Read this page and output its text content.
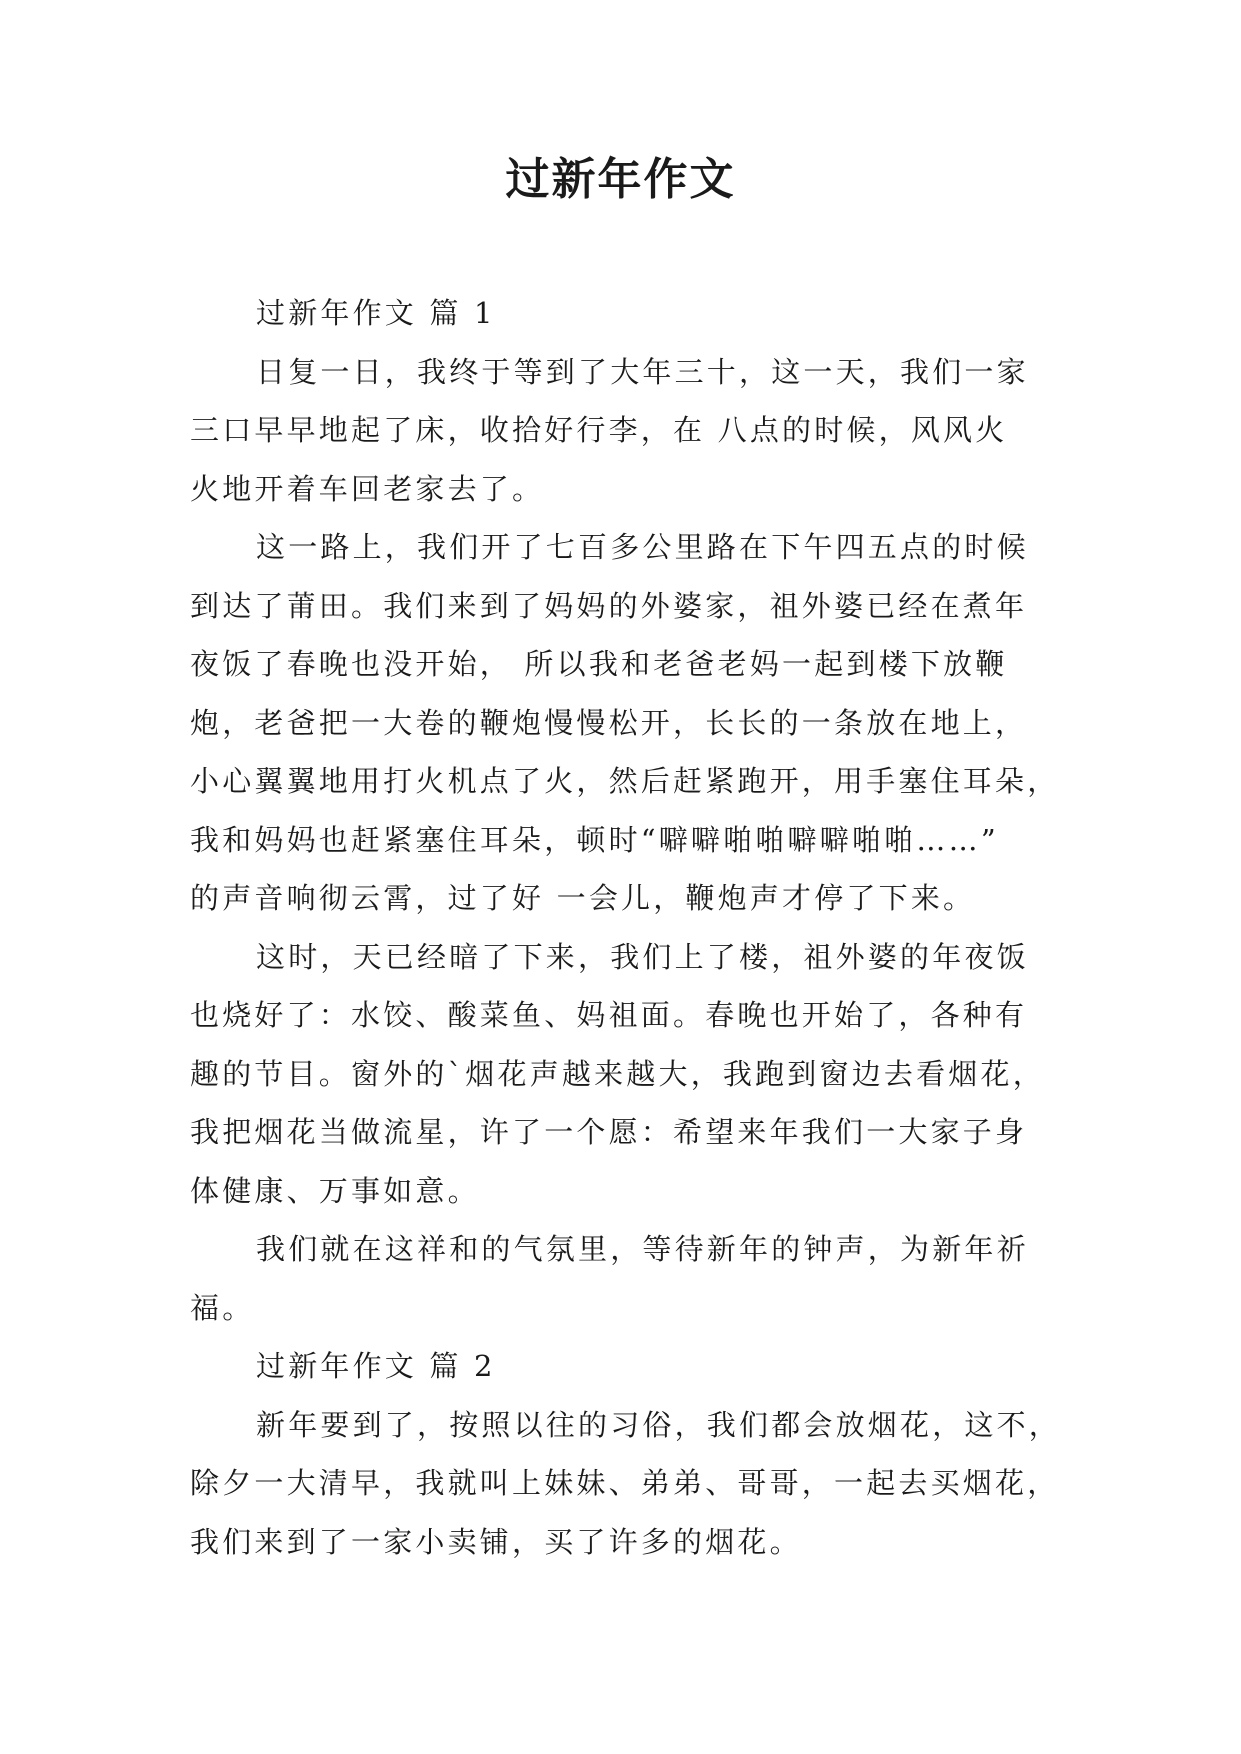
过新年作文
过新年作文 篇 1
日复一日，我终于等到了大年三十，这一天，我们一家
三口早早地起了床，收拾好行李，在 八点的时候，风风火
火地开着车回老家去了。
这一路上，我们开了七百多公里路在下午四五点的时候
到达了莆田。我们来到了妈妈的外婆家，祖外婆已经在煮年
夜饭了春晚也没开始， 所以我和老爸老妈一起到楼下放鞭
炮，老爸把一大卷的鞭炮慢慢松开，长长的一条放在地上，
小心翼翼地用打火机点了火，然后赶紧跑开，用手塞住耳朵，
我和妈妈也赶紧塞住耳朵，顿时“噼噼啪啪噼噼啪啪……”
的声音响彻云霄，过了好 一会儿，鞭炮声才停了下来。
这时，天已经暗了下来，我们上了楼，祖外婆的年夜饭
也烧好了：水饺、酸菜鱼、妈祖面。春晚也开始了，各种有
趣的节目。窗外的`烟花声越来越大，我跑到窗边去看烟花，
我把烟花当做流星，许了一个愿：希望来年我们一大家子身
体健康、万事如意。
我们就在这祥和的气氛里，等待新年的钟声，为新年祈
福。
过新年作文 篇 2
新年要到了，按照以往的习俗，我们都会放烟花，这不，
除夕一大清早，我就叫上妹妹、弟弟、哥哥，一起去买烟花，
我们来到了一家小卖铺，买了许多的烟花。
